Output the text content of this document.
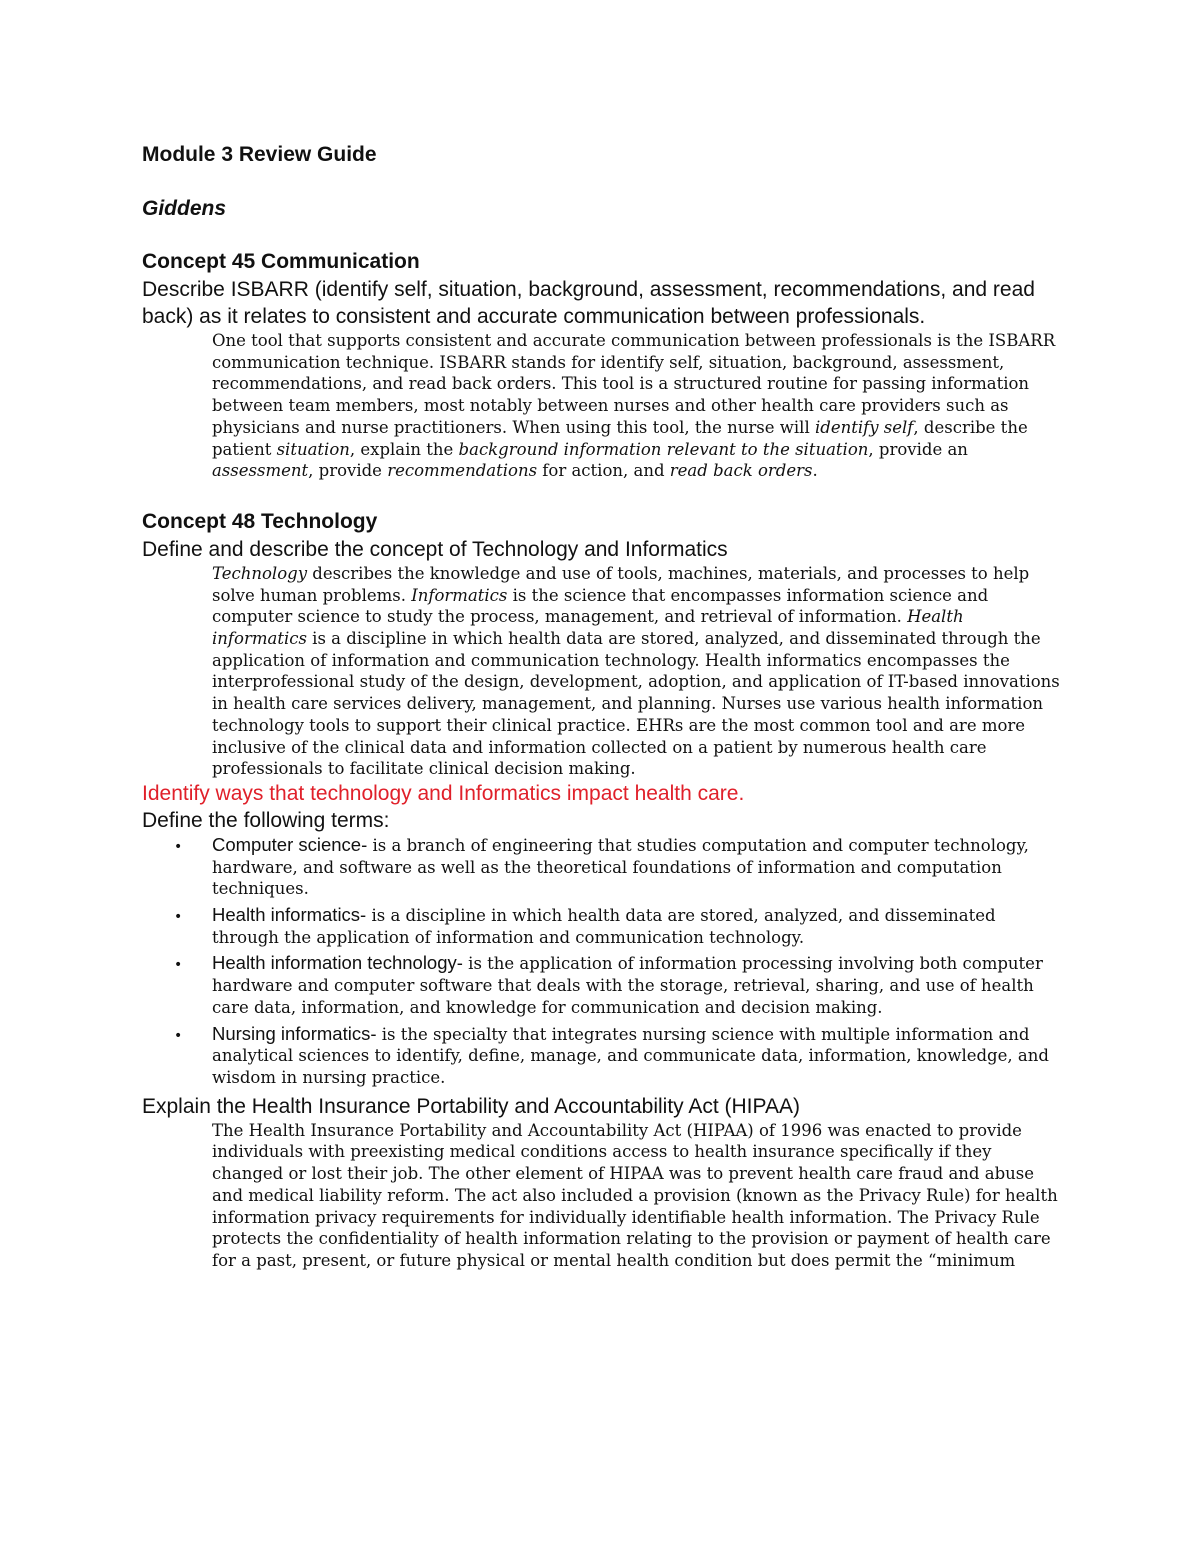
Module 3 Review Guide
Giddens
Concept 45 Communication

Describe ISBARR (identify self, situation, background, assessment, recommendations, and read back) as it relates to consistent and accurate communication between professionals.

One tool that supports consistent and accurate communication between professionals is the ISBARR communication technique. ISBARR stands for identify self, situation, background, assessment, recommendations, and read back orders. This tool is a structured routine for passing information between team members, most notably between nurses and other health care providers such as physicians and nurse practitioners. When using this tool, the nurse will identify self, describe the patient situation, explain the background information relevant to the situation, provide an assessment, provide recommendations for action, and read back orders.

Concept 48 Technology

Define and describe the concept of Technology and Informatics

Technology describes the knowledge and use of tools, machines, materials, and processes to help solve human problems. Informatics is the science that encompasses information science and computer science to study the process, management, and retrieval of information. Health informatics is a discipline in which health data are stored, analyzed, and disseminated through the application of information and communication technology. Health informatics encompasses the interprofessional study of the design, development, adoption, and application of IT-based innovations in health care services delivery, management, and planning. Nurses use various health information technology tools to support their clinical practice. EHRs are the most common tool and are more inclusive of the clinical data and information collected on a patient by numerous health care professionals to facilitate clinical decision making.

Identify ways that technology and Informatics impact health care.

Define the following terms:

• Computer science- is a branch of engineering that studies computation and computer technology, hardware, and software as well as the theoretical foundations of information and computation techniques.
• Health informatics- is a discipline in which health data are stored, analyzed, and disseminated through the application of information and communication technology.
• Health information technology- is the application of information processing involving both computer hardware and computer software that deals with the storage, retrieval, sharing, and use of health care data, information, and knowledge for communication and decision making.
• Nursing informatics- is the specialty that integrates nursing science with multiple information and analytical sciences to identify, define, manage, and communicate data, information, knowledge, and wisdom in nursing practice.

Explain the Health Insurance Portability and Accountability Act (HIPAA)

The Health Insurance Portability and Accountability Act (HIPAA) of 1996 was enacted to provide individuals with preexisting medical conditions access to health insurance specifically if they changed or lost their job. The other element of HIPAA was to prevent health care fraud and abuse and medical liability reform. The act also included a provision (known as the Privacy Rule) for health information privacy requirements for individually identifiable health information. The Privacy Rule protects the confidentiality of health information relating to the provision or payment of health care for a past, present, or future physical or mental health condition but does permit the “minimum
